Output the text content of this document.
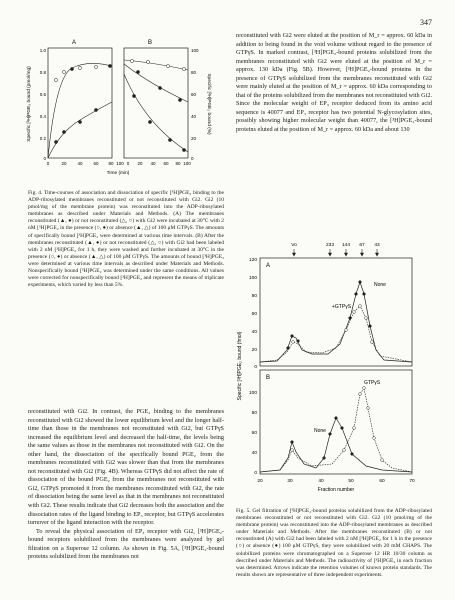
347
A	B
1.0
0.8
0.6
0.4
0.2
0
100
80
60
40
20
0
Specific [³H]PGE₂ bound (pmol/mg)	Specific [³H]PGE₂ bound (%)
0	20 40 60 80 100 0 20 40 60 80 100
Time (min)
Fig. 4. Time-courses of association and dissociation of specific [³H]PGE₂ binding to the ADP-ribosylated membranes reconstituted or not reconstituted with Gi2. Gi2 (10 pmol/mg of the membrane protein) was reconstituted into the ADP-ribosylated membranes as described under Materials and Methods. (A) The membranes reconstituted (▲, ●) or not reconstituted (△, ○) with Gi2 were incubated at 30°C with 2 nM [³H]PGE₂ in the presence (○, ●) or absence (▲, △) of 100 μM GTPγS. The amounts of specifically bound [³H]PGE₂ were determined at various time intervals. (B) After the membranes reconstituted (▲, ●) or not reconstituted (△, ○) with Gi2 had been labeled with 2 nM [³H]PGE₂ for 1 h, they were washed and further incubated at 30°C in the presence (○, ●) or absence (▲, △) of 100 μM GTPγS. The amounts of bound [³H]PGE₂ were determined at various time intervals as described under Materials and Methods. Nonspecifically bound [³H]PGE₂ was determined under the same conditions. All values were corrected for nonspecifically bound [³H]PGE₂ and represent the means of triplicate experiments, which varied by less than 5%.

reconstituted with Gi2 were eluted at the position of M_r = approx. 60 kDa in addition to being found in the void volume without regard to the presence of GTPγS. In marked contrast, [³H]PGE₂-bound proteins solubilized from the membranes reconstituted with Gi2 were eluted at the position of M_r = approx. 130 kDa (Fig. 5B). However, [³H]PGE₂-bound proteins in the presence of GTPγS solubilized from the membranes reconstituted with Gi2 were mainly eluted at the position of M_r = approx. 60 kDa corresponding to that of the proteins solubilized from the membranes not reconstituted with Gi2. Since the molecular weight of EP₃ receptor deduced from its amino acid sequence is 40077 and EP₃ receptor has two potential N-glycosylation sites, possibly showing higher molecular weight than 40077, the [³H]PGE₂-bound proteins eluted at the position of M_r = approx. 60 kDa and about 130

Vo	233 144 67 43
A
B
120
100
80
60
40
20
0
100
80
60
40
0
Specific [³H]PGE₂ bound (fmol)
20	30	40	50	60	70
Fraction number
None
+GTPγS
GTPγS
None
Fig. 5. Gel filtration of [³H]PGE₂-bound proteins solubilized from the ADP-ribosylated membranes reconstituted or not reconstituted with Gi2. Gi2 (10 pmol/mg of the membrane protein) was reconstituted into the ADP-ribosylated membranes as described under Materials and Methods. After the membranes reconstituted (B) or not reconstituted (A) with Gi2 had been labeled with 2 nM [³H]PGE₂ for 1 h in the presence (○) or absence (●) 100 μM GTPγS, they were solubilized with 20 mM CHAPS. The solubilized proteins were chromatographed on a Superose 12 HR 10/30 column as described under Materials and Methods. The radioactivity of [³H]PGE₂ in each fraction was determined. Arrows indicate the retention volumes of known protein standards. The results shown are representative of three independent experiments.

reconstituted with Gi2. In contrast, the PGE₂ binding to the membranes reconstituted with Gi2 showed the lower equilibrium level and the longer half-time than those in the membranes not reconstituted with Gi2, but GTPγS increased the equilibrium level and decreased the half-time, the levels being the same values as those in the membranes not reconstituted with Gi2. On the other hand, the dissociation of the specifically bound PGE₂ from the membranes reconstituted with Gi2 was slower than that from the membranes not reconstituted with Gi2 (Fig. 4B). Whereas GTPγS did not affect the rate of dissociation of the bound PGE₂ from the membranes not reconstituted with Gi2, GTPγS promoted it from the membranes reconstituted with Gi2, the rate of dissociation being the same level as that in the membranes not reconstituted with Gi2. These results indicate that Gi2 decreases both the association and the dissociation rates of the ligand binding to EP₃ receptor, but GTPγS accelerates turnover of the ligand interaction with the receptor.

To reveal the physical association of EP₃ receptor with Gi2, [³H]PGE₂-bound receptors solubilized from the membranes were analyzed by gel filtration on a Superose 12 column. As shown in Fig. 5A, [³H]PGE₂-bound proteins solubilized from the membranes not
